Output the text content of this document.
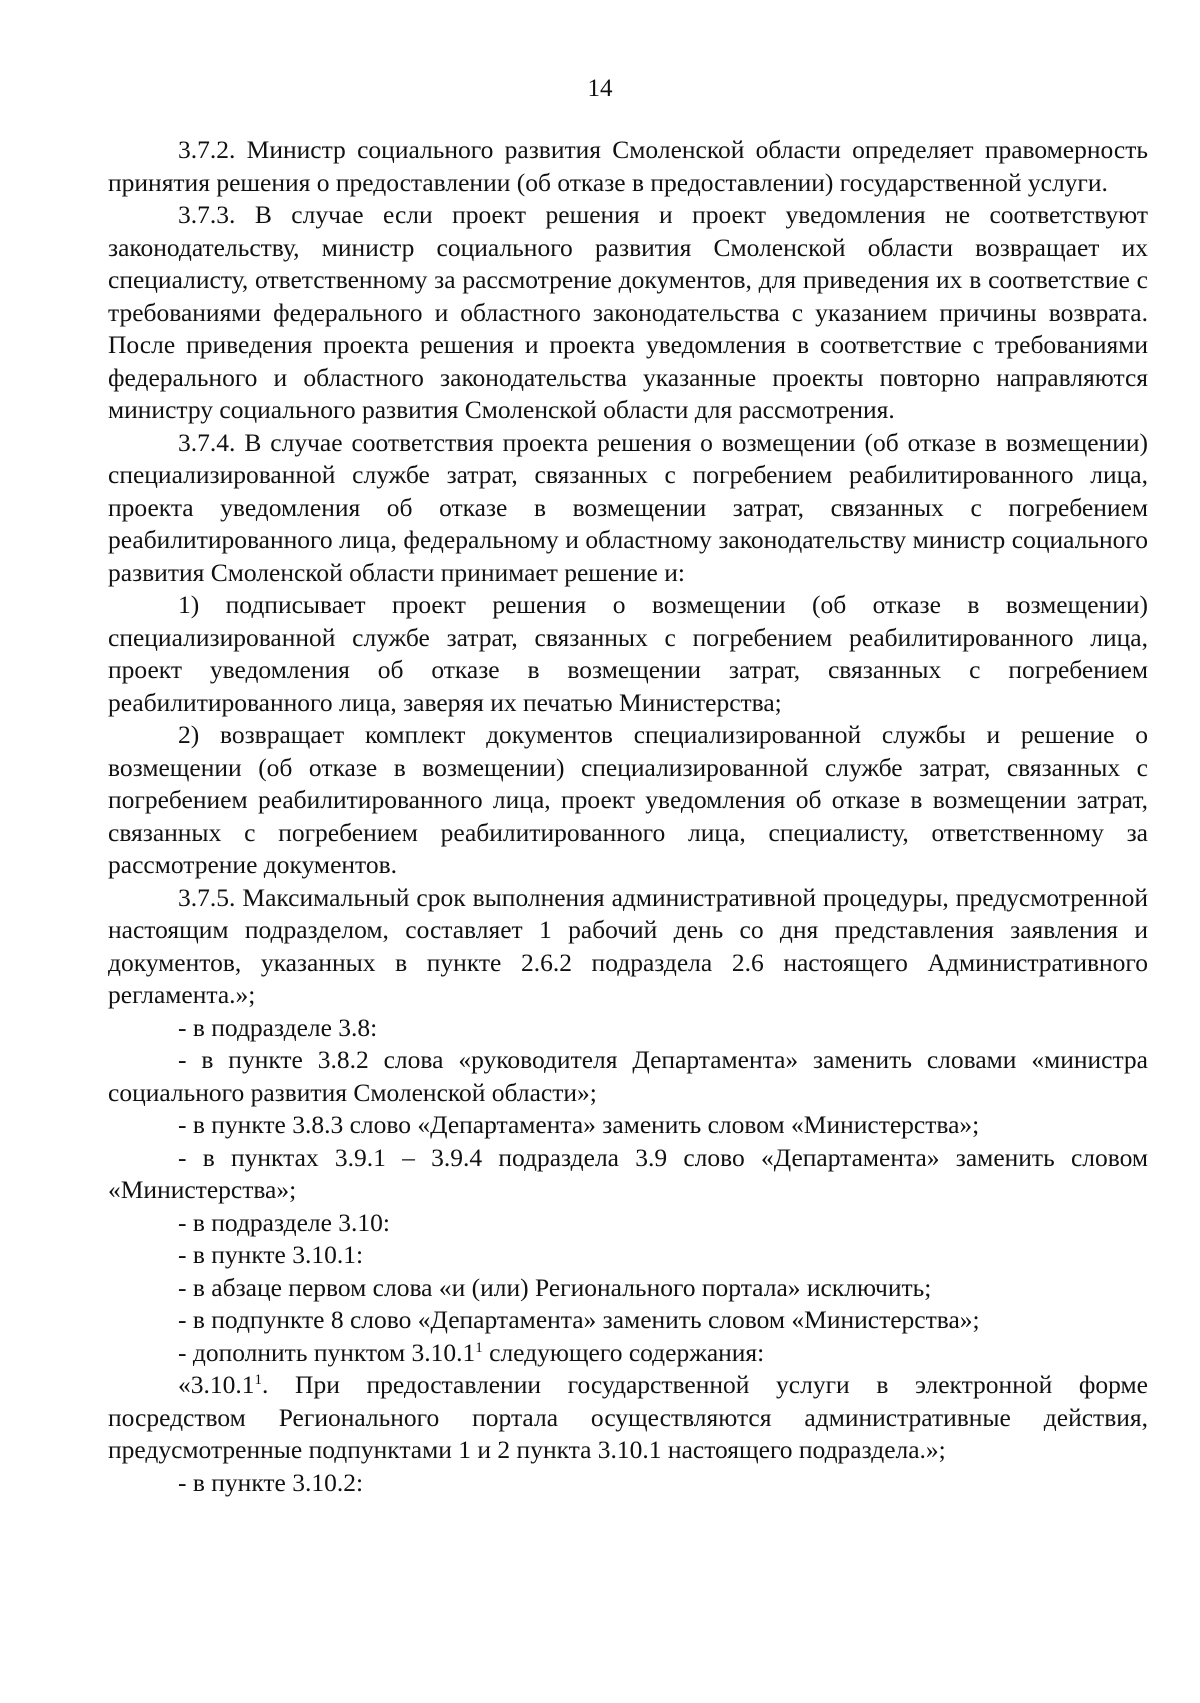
14

3.7.2. Министр социального развития Смоленской области определяет правомерность принятия решения о предоставлении (об отказе в предоставлении) государственной услуги.

3.7.3. В случае если проект решения и проект уведомления не соответствуют законодательству, министр социального развития Смоленской области возвращает их специалисту, ответственному за рассмотрение документов, для приведения их в соответствие с требованиями федерального и областного законодательства с указанием причины возврата. После приведения проекта решения и проекта уведомления в соответствие с требованиями федерального и областного законодательства указанные проекты повторно направляются министру социального развития Смоленской области для рассмотрения.

3.7.4. В случае соответствия проекта решения о возмещении (об отказе в возмещении) специализированной службе затрат, связанных с погребением реабилитированного лица, проекта уведомления об отказе в возмещении затрат, связанных с погребением реабилитированного лица, федеральному и областному законодательству министр социального развития Смоленской области принимает решение и:

1) подписывает проект решения о возмещении (об отказе в возмещении) специализированной службе затрат, связанных с погребением реабилитированного лица, проект уведомления об отказе в возмещении затрат, связанных с погребением реабилитированного лица, заверяя их печатью Министерства;

2) возвращает комплект документов специализированной службы и решение о возмещении (об отказе в возмещении) специализированной службе затрат, связанных с погребением реабилитированного лица, проект уведомления об отказе в возмещении затрат, связанных с погребением реабилитированного лица, специалисту, ответственному за рассмотрение документов.

3.7.5. Максимальный срок выполнения административной процедуры, предусмотренной настоящим подразделом, составляет 1 рабочий день со дня представления заявления и документов, указанных в пункте 2.6.2 подраздела 2.6 настоящего Административного регламента.»;

- в подразделе 3.8:

- в пункте 3.8.2 слова «руководителя Департамента» заменить словами «министра социального развития Смоленской области»;

- в пункте 3.8.3 слово «Департамента» заменить словом «Министерства»;

- в пунктах 3.9.1 – 3.9.4 подраздела 3.9 слово «Департамента» заменить словом «Министерства»;

- в подразделе 3.10:

- в пункте 3.10.1:

- в абзаце первом слова «и (или) Регионального портала» исключить;

- в подпункте 8 слово «Департамента» заменить словом «Министерства»;

- дополнить пунктом 3.10.1$^1$ следующего содержания:

«3.10.1$^1$. При предоставлении государственной услуги в электронной форме посредством Регионального портала осуществляются административные действия, предусмотренные подпунктами 1 и 2 пункта 3.10.1 настоящего подраздела.»;

- в пункте 3.10.2:
